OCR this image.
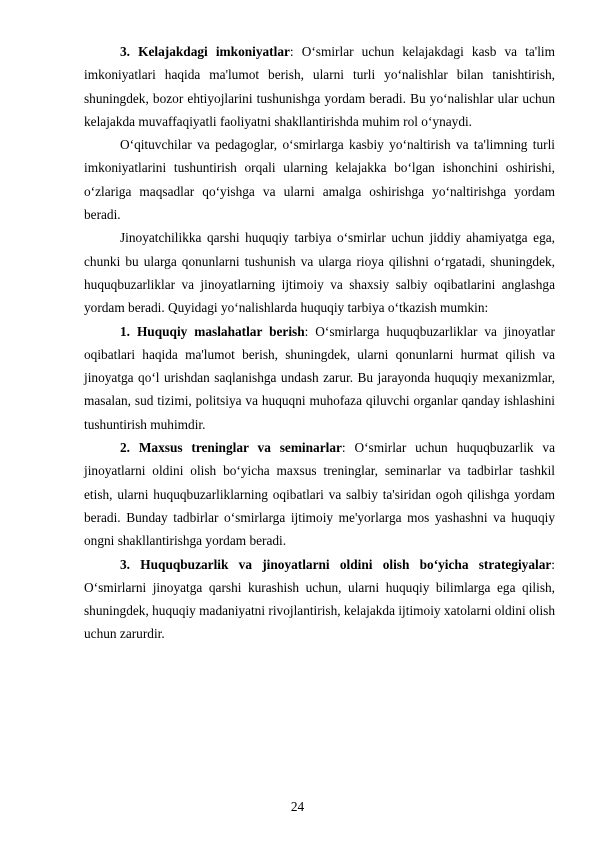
3. Kelajakdagi imkoniyatlar: O‘smirlar uchun kelajakdagi kasb va ta'lim imkoniyatlari haqida ma'lumot berish, ularni turli yo‘nalishlar bilan tanishtirish, shuningdek, bozor ehtiyojlarini tushunishga yordam beradi. Bu yo‘nalishlar ular uchun kelajakda muvaffaqiyatli faoliyatni shakllantirishda muhim rol o‘ynaydi.

O‘qituvchilar va pedagoglar, o‘smirlarga kasbiy yo‘naltirish va ta'limning turli imkoniyatlarini tushuntirish orqali ularning kelajakka bo‘lgan ishonchini oshirishi, o‘zlariga maqsadlar qo‘yishga va ularni amalga oshirishga yo‘naltirishga yordam beradi.

Jinoyatchilikka qarshi huquqiy tarbiya o‘smirlar uchun jiddiy ahamiyatga ega, chunki bu ularga qonunlarni tushunish va ularga rioya qilishni o‘rgatadi, shuningdek, huquqbuzarliklar va jinoyatlarning ijtimoiy va shaxsiy salbiy oqibatlarini anglashga yordam beradi. Quyidagi yo‘nalishlarda huquqiy tarbiya o‘tkazish mumkin:

1. Huquqiy maslahatlar berish: O‘smirlarga huquqbuzarliklar va jinoyatlar oqibatlari haqida ma'lumot berish, shuningdek, ularni qonunlarni hurmat qilish va jinoyatga qo‘l urishdan saqlanishga undash zarur. Bu jarayonda huquqiy mexanizmlar, masalan, sud tizimi, politsiya va huquqni muhofaza qiluvchi organlar qanday ishlashini tushuntirish muhimdir.

2. Maxsus treninglar va seminarlar: O‘smirlar uchun huquqbuzarlik va jinoyatlarni oldini olish bo‘yicha maxsus treninglar, seminarlar va tadbirlar tashkil etish, ularni huquqbuzarliklarning oqibatlari va salbiy ta'siridan ogoh qilishga yordam beradi. Bunday tadbirlar o‘smirlarga ijtimoiy me'yorlarga mos yashashni va huquqiy ongni shakllantirishga yordam beradi.

3. Huquqbuzarlik va jinoyatlarni oldini olish bo‘yicha strategiyalar: O‘smirlarni jinoyatga qarshi kurashish uchun, ularni huquqiy bilimlarga ega qilish, shuningdek, huquqiy madaniyatni rivojlantirish, kelajakda ijtimoiy xatolarni oldini olish uchun zarurdir.

24
